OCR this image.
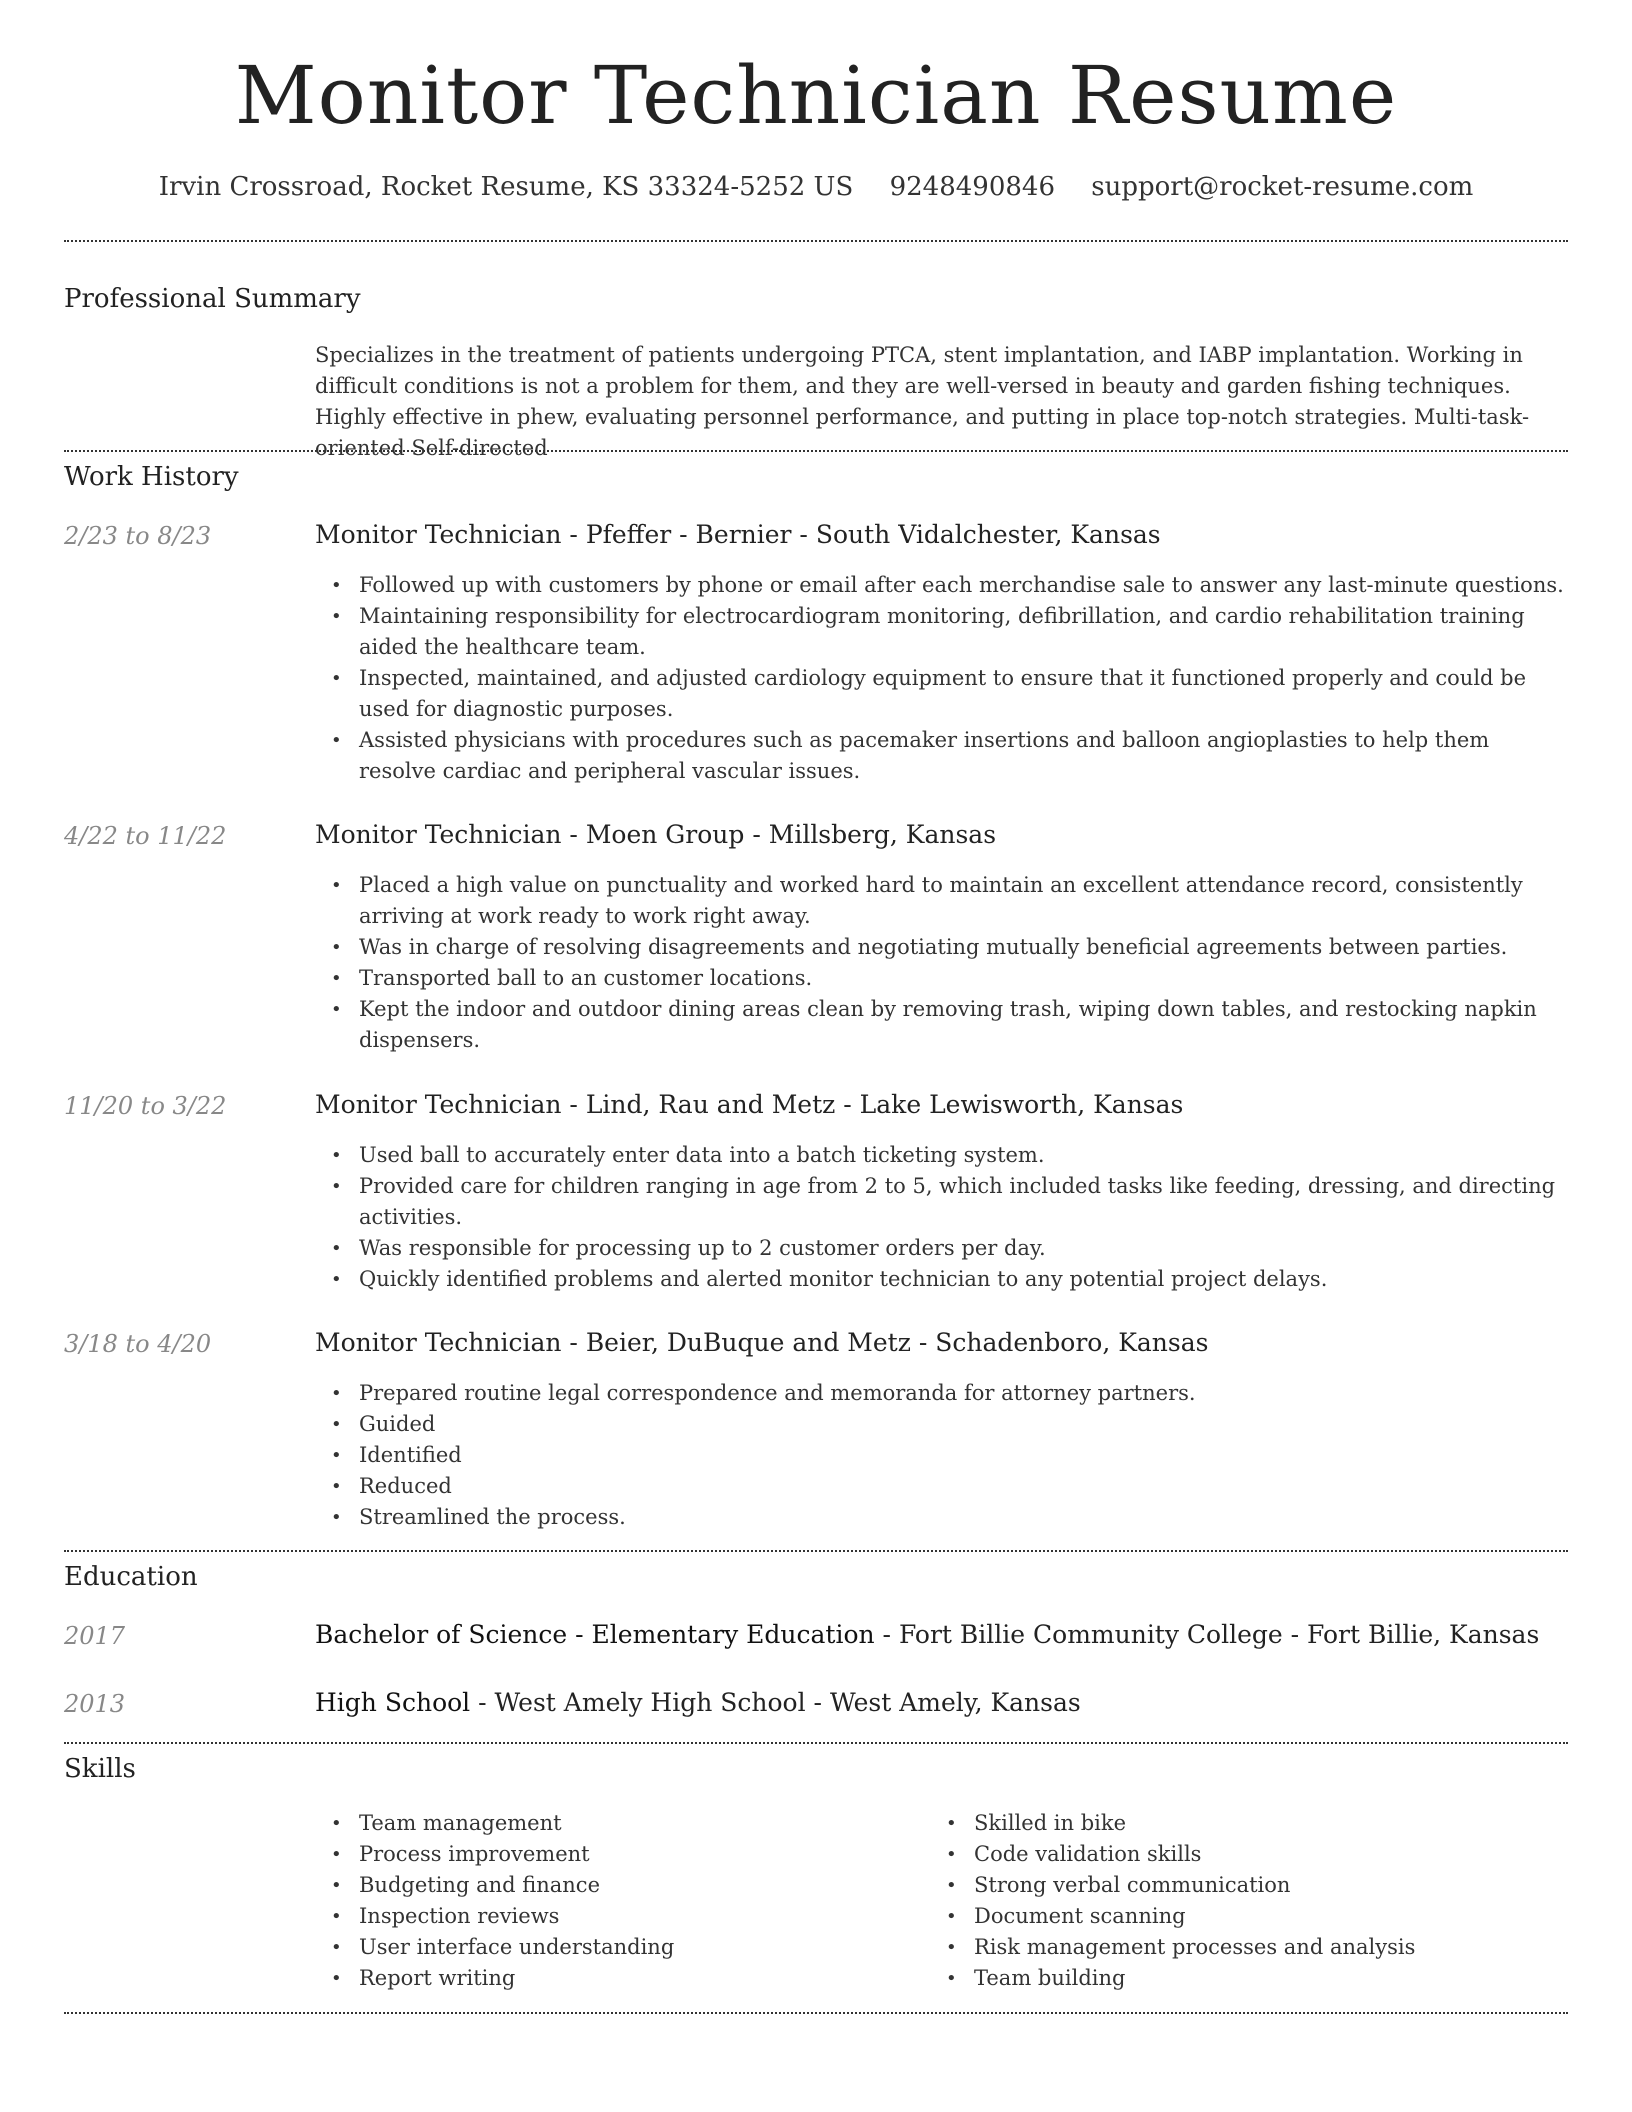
Monitor Technician Resume
Irvin Crossroad, Rocket Resume, KS 33324-5252 US 9248490846 support@rocket-resume.com
Professional Summary

Specializes in the treatment of patients undergoing PTCA, stent implantation, and IABP implantation. Working in difficult conditions is not a problem for them, and they are well-versed in beauty and garden fishing techniques. Highly effective in phew, evaluating personnel performance, and putting in place top-notch strategies. Multi-task-oriented Self-directed

Work History
2/23 to 8/23	Monitor Technician - Pfeffer - Bernier - South Vidalchester, Kansas
• Followed up with customers by phone or email after each merchandise sale to answer any last-minute questions.
• Maintaining responsibility for electrocardiogram monitoring, defibrillation, and cardio rehabilitation training aided the healthcare team.
• Inspected, maintained, and adjusted cardiology equipment to ensure that it functioned properly and could be used for diagnostic purposes.
• Assisted physicians with procedures such as pacemaker insertions and balloon angioplasties to help them resolve cardiac and peripheral vascular issues.
4/22 to 11/22	Monitor Technician - Moen Group - Millsberg, Kansas
• Placed a high value on punctuality and worked hard to maintain an excellent attendance record, consistently arriving at work ready to work right away.
• Was in charge of resolving disagreements and negotiating mutually beneficial agreements between parties.
• Transported ball to an customer locations.
• Kept the indoor and outdoor dining areas clean by removing trash, wiping down tables, and restocking napkin dispensers.
11/20 to 3/22	Monitor Technician - Lind, Rau and Metz - Lake Lewisworth, Kansas
• Used ball to accurately enter data into a batch ticketing system.
• Provided care for children ranging in age from 2 to 5, which included tasks like feeding, dressing, and directing activities.
• Was responsible for processing up to 2 customer orders per day.
• Quickly identified problems and alerted monitor technician to any potential project delays.
3/18 to 4/20	Monitor Technician - Beier, DuBuque and Metz - Schadenboro, Kansas
• Prepared routine legal correspondence and memoranda for attorney partners.
• Guided
• Identified
• Reduced
• Streamlined the process.
Education
2017	Bachelor of Science - Elementary Education - Fort Billie Community College - Fort Billie, Kansas
2013	High School - West Amely High School - West Amely, Kansas
Skills
• Team management
• Process improvement
• Budgeting and finance
• Inspection reviews
• User interface understanding
• Report writing
• Skilled in bike
• Code validation skills
• Strong verbal communication
• Document scanning
• Risk management processes and analysis
• Team building
